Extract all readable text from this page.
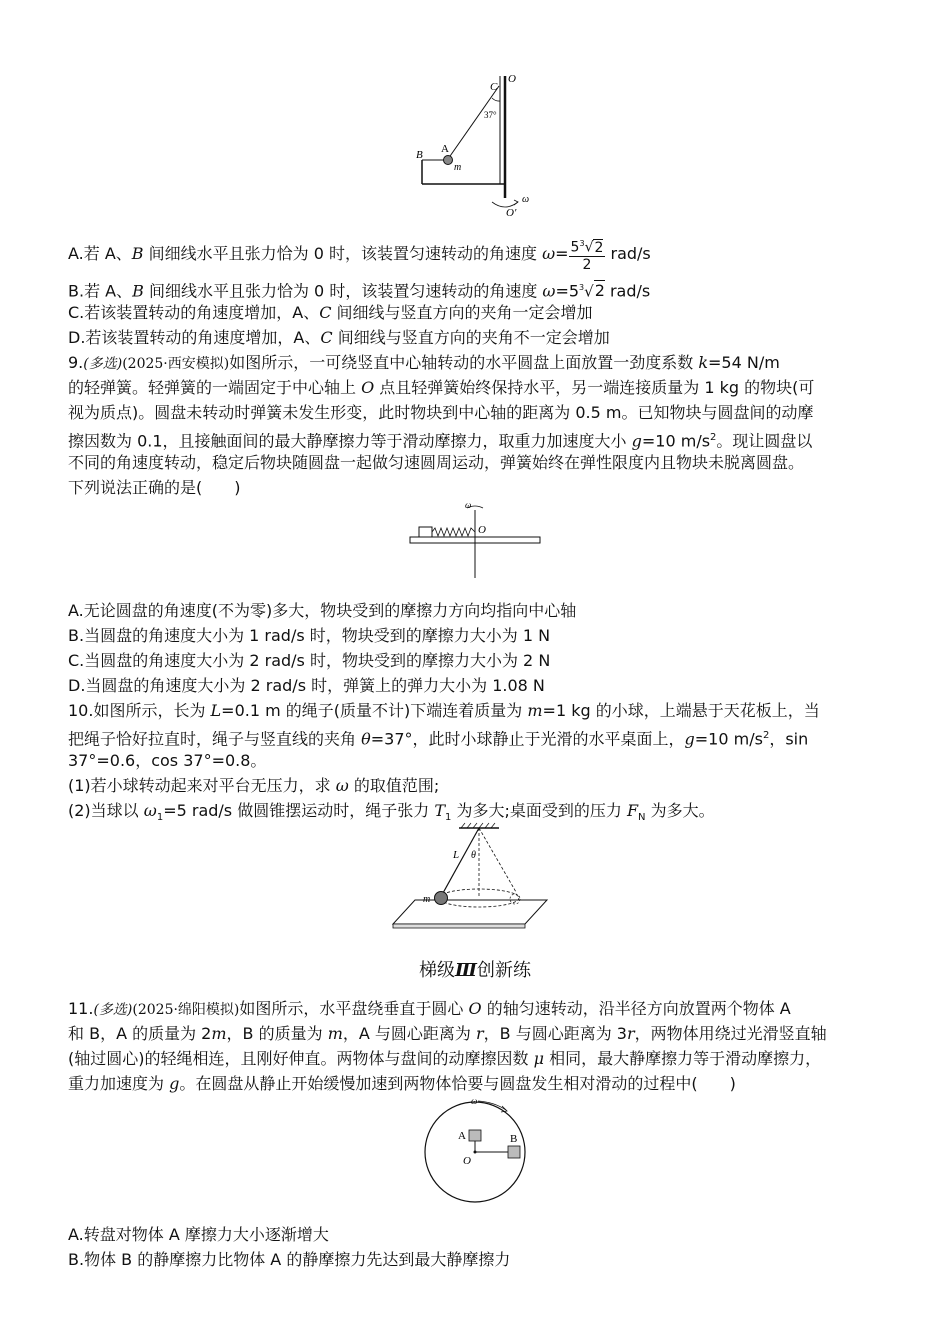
O
C
37°
A
B
m
ω
O′
A.若 A、B 间细线水平且张力恰为 0 时，该装置匀速转动的角速度 $\omega= \frac{5^3√2}{2} rad/s$
B.若 A、B 间细线水平且张力恰为 0 时，该装置匀速转动的角速度 $\omega=5^3√2$ rad/s
C.若该装置转动的角速度增加，A、C 间细线与竖直方向的夹角一定会增加
D.若该装置转动的角速度增加，A、C 间细线与竖直方向的夹角不一定会增加
9.(多选)(2025·西安模拟)如图所示，一可绕竖直中心轴转动的水平圆盘上面放置一劲度系数 k=54 N/m
的轻弹簧。轻弹簧的一端固定于中心轴上 O 点且轻弹簧始终保持水平，另一端连接质量为 1 kg 的物块(可
视为质点)。圆盘未转动时弹簧未发生形变，此时物块到中心轴的距离为 0.5 m。已知物块与圆盘间的动摩
擦因数为 0.1，且接触面间的最大静摩擦力等于滑动摩擦力，取重力加速度大小 g=10 $m/s^2$。现让圆盘以
不同的角速度转动，稳定后物块随圆盘一起做匀速圆周运动，弹簧始终在弹性限度内且物块未脱离圆盘。
下列说法正确的是(　　)
ω
O
A.无论圆盘的角速度(不为零)多大，物块受到的摩擦力方向均指向中心轴
B.当圆盘的角速度大小为 1 rad/s 时，物块受到的摩擦力大小为 1 N
C.当圆盘的角速度大小为 2 rad/s 时，物块受到的摩擦力大小为 2 N
D.当圆盘的角速度大小为 2 rad/s 时，弹簧上的弹力大小为 1.08 N
10.如图所示，长为 L=0.1 m 的绳子(质量不计)下端连着质量为 m=1 kg 的小球，上端悬于天花板上，当
把绳子恰好拉直时，绳子与竖直线的夹角 θ=37°，此时小球静止于光滑的水平桌面上，g=10 $m/s^2$，sin
37°=0.6，cos 37°=0.8。
(1)若小球转动起来对平台无压力，求 ω 的取值范围;
(2)当球以 $\omega_1=5$ rad/s 做圆锥摆运动时，绳子张力 $T_1$ 为多大;桌面受到的压力 $F_N$ 为多大。
L θ
m
梯级Ⅲ创新练
11.(多选)(2025·绵阳模拟)如图所示，水平盘绕垂直于圆心 O 的轴匀速转动，沿半径方向放置两个物体 A
和 B，A 的质量为 2m，B 的质量为 m，A 与圆心距离为 r，B 与圆心距离为 3r，两物体用绕过光滑竖直轴
(轴过圆心)的轻绳相连，且刚好伸直。两物体与盘间的动摩擦因数 μ 相同，最大静摩擦力等于滑动摩擦力，
重力加速度为 g。在圆盘从静止开始缓慢加速到两物体恰要与圆盘发生相对滑动的过程中(　　)
ω
A	B
O
A.转盘对物体 A 摩擦力大小逐渐增大
B.物体 B 的静摩擦力比物体 A 的静摩擦力先达到最大静摩擦力
